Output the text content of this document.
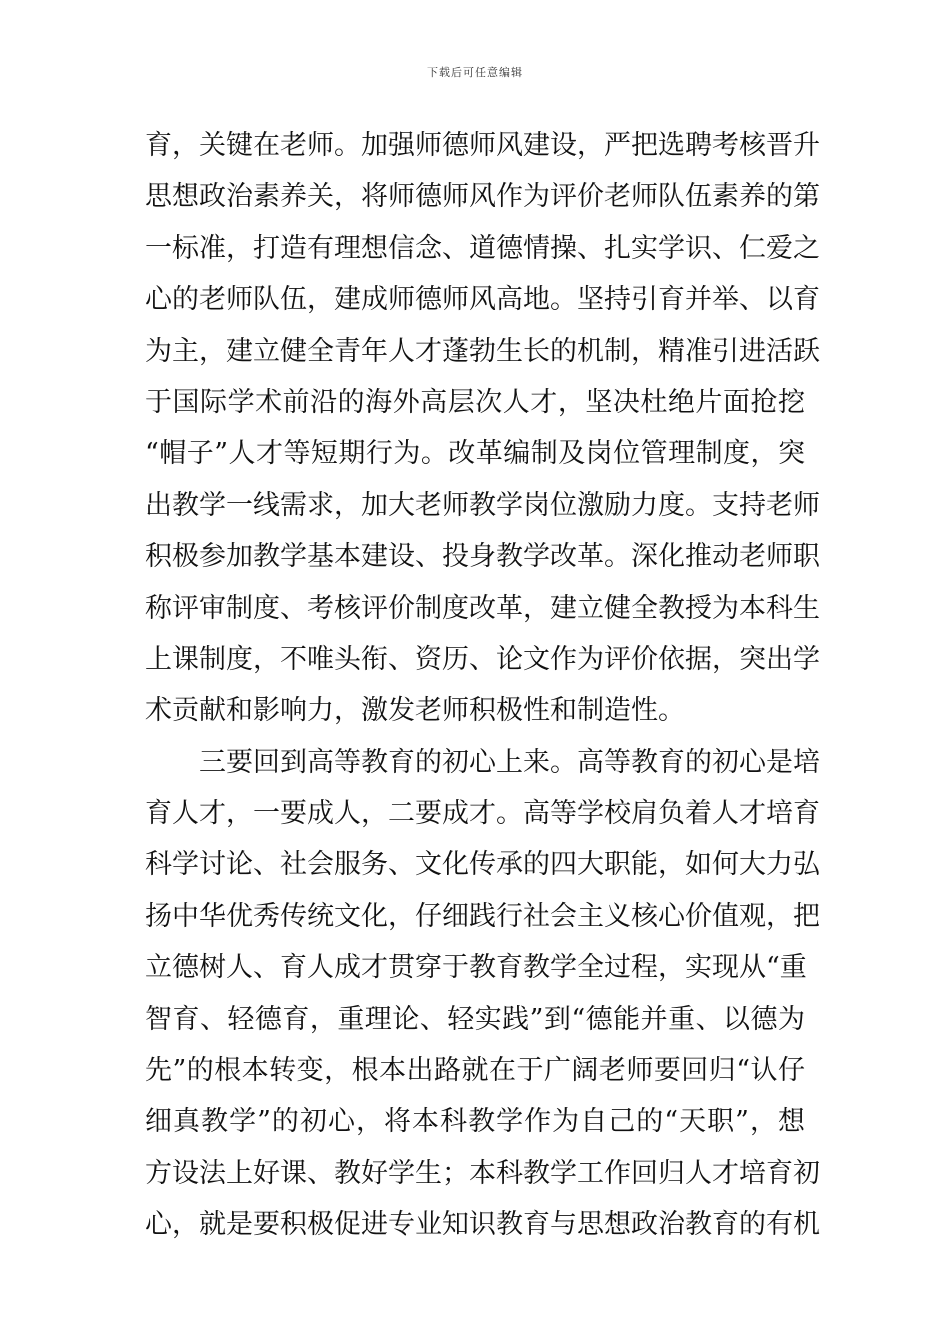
下载后可任意编辑
育，关键在老师。加强师德师风建设，严把选聘考核晋升
思想政治素养关，将师德师风作为评价老师队伍素养的第
一标准，打造有理想信念、道德情操、扎实学识、仁爱之
心的老师队伍，建成师德师风高地。坚持引育并举、以育
为主，建立健全青年人才蓬勃生长的机制，精准引进活跃
于国际学术前沿的海外高层次人才，坚决杜绝片面抢挖
“帽子”人才等短期行为。改革编制及岗位管理制度，突
出教学一线需求，加大老师教学岗位激励力度。支持老师
积极参加教学基本建设、投身教学改革。深化推动老师职
称评审制度、考核评价制度改革，建立健全教授为本科生
上课制度，不唯头衔、资历、论文作为评价依据，突出学
术贡献和影响力，激发老师积极性和制造性。
三要回到高等教育的初心上来。高等教育的初心是培
育人才，一要成人，二要成才。高等学校肩负着人才培育
科学讨论、社会服务、文化传承的四大职能，如何大力弘
扬中华优秀传统文化，仔细践行社会主义核心价值观，把
立德树人、育人成才贯穿于教育教学全过程，实现从“重
智育、轻德育，重理论、轻实践”到“德能并重、以德为
先”的根本转变，根本出路就在于广阔老师要回归“认仔
细真教学”的初心，将本科教学作为自己的“天职”，想
方设法上好课、教好学生；本科教学工作回归人才培育初
心，就是要积极促进专业知识教育与思想政治教育的有机
